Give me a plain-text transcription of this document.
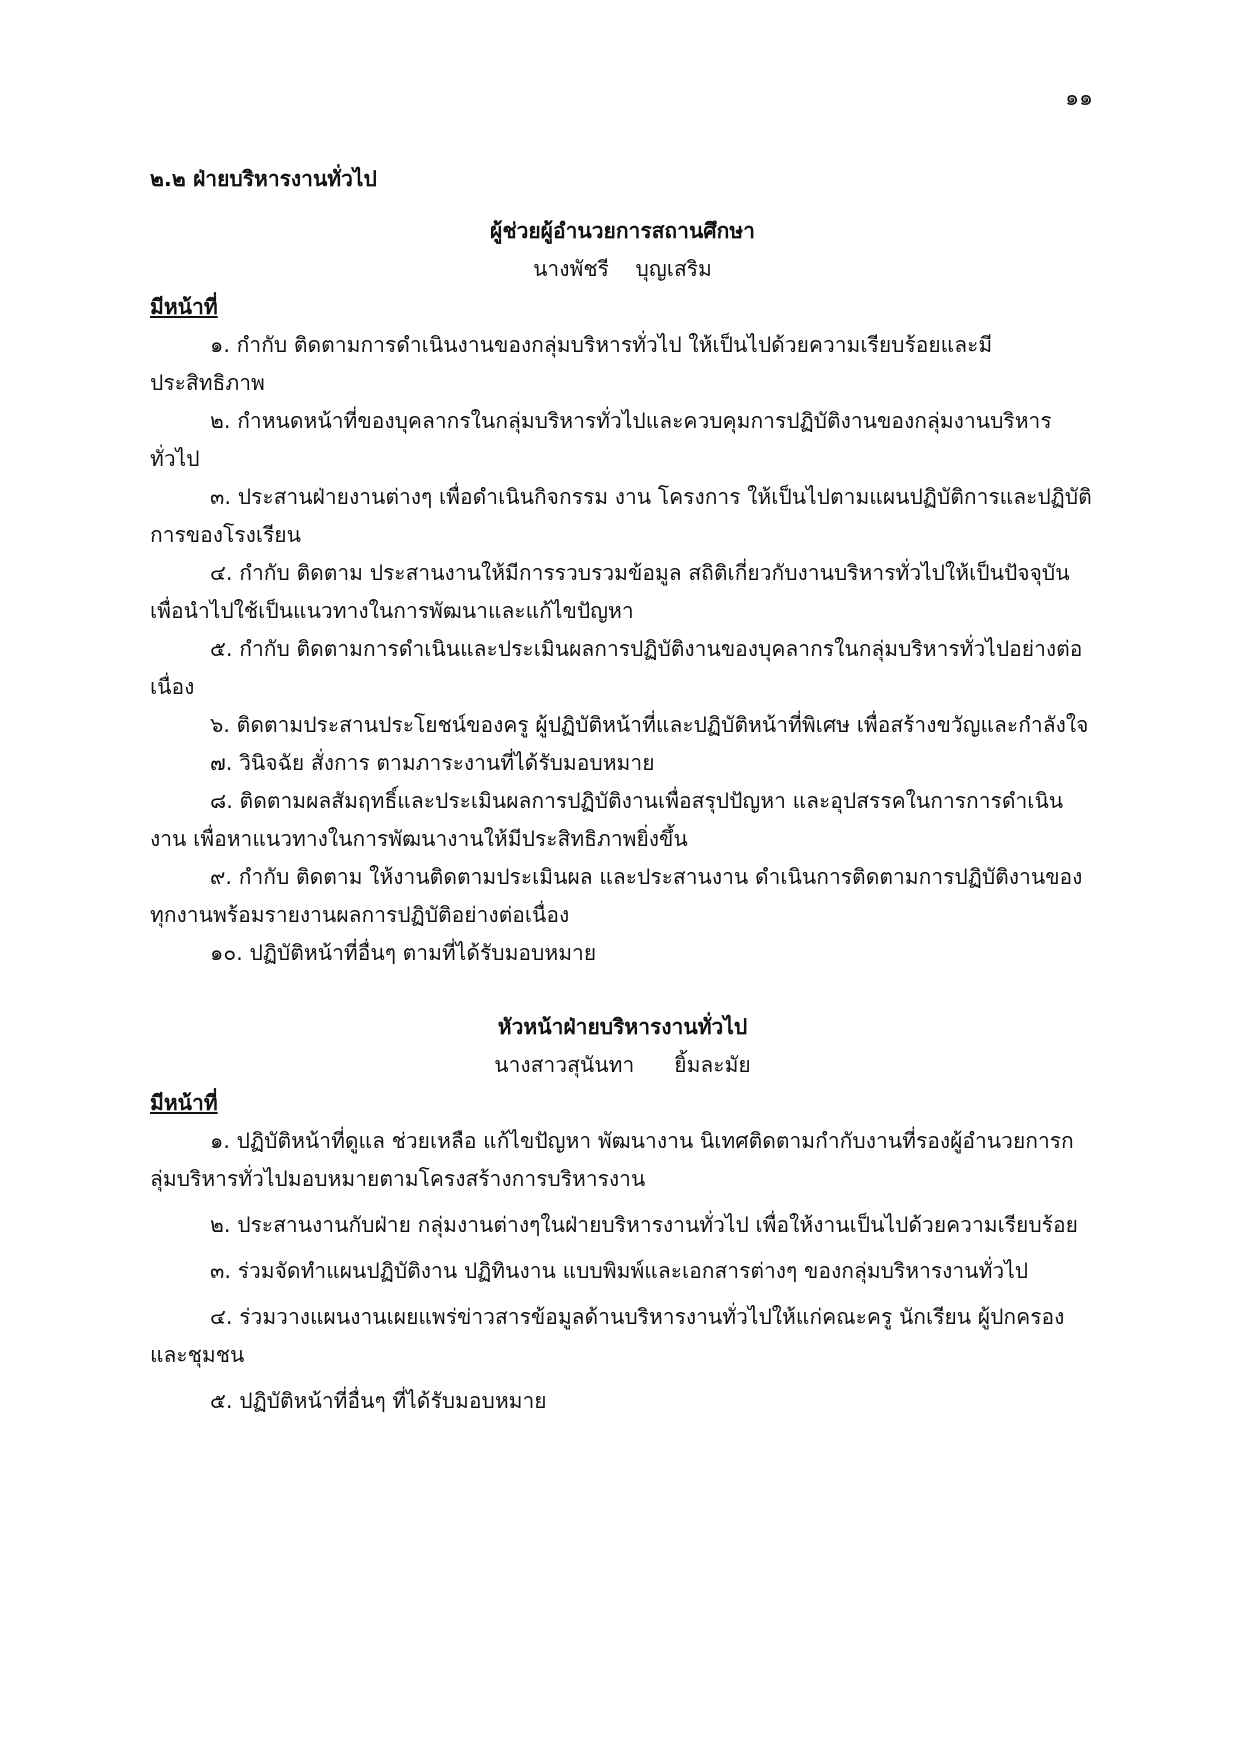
๑๑

๒.๒ ฝ่ายบริหารงานทั่วไป

ผู้ช่วยผู้อำนวยการสถานศึกษา

นางพัชรี    บุญเสริม

มีหน้าที่

๑. กำกับ ติดตามการดำเนินงานของกลุ่มบริหารทั่วไป ให้เป็นไปด้วยความเรียบร้อยและมีประสิทธิภาพ

๒. กำหนดหน้าที่ของบุคลากรในกลุ่มบริหารทั่วไปและควบคุมการปฏิบัติงานของกลุ่มงานบริหารทั่วไป

๓. ประสานฝ่ายงานต่างๆ เพื่อดำเนินกิจกรรม งาน โครงการ ให้เป็นไปตามแผนปฏิบัติการและปฏิบัติการของโรงเรียน

๔. กำกับ ติดตาม ประสานงานให้มีการรวบรวมข้อมูล สถิติเกี่ยวกับงานบริหารทั่วไปให้เป็นปัจจุบัน เพื่อนำไปใช้เป็นแนวทางในการพัฒนาและแก้ไขปัญหา

๕. กำกับ ติดตามการดำเนินและประเมินผลการปฏิบัติงานของบุคลากรในกลุ่มบริหารทั่วไปอย่างต่อเนื่อง

๖. ติดตามประสานประโยชน์ของครู ผู้ปฏิบัติหน้าที่และปฏิบัติหน้าที่พิเศษ เพื่อสร้างขวัญและกำลังใจ

๗. วินิจฉัย สั่งการ ตามภาระงานที่ได้รับมอบหมาย

๘. ติดตามผลสัมฤทธิ์และประเมินผลการปฏิบัติงานเพื่อสรุปปัญหา และอุปสรรคในการการดำเนินงาน เพื่อหาแนวทางในการพัฒนางานให้มีประสิทธิภาพยิ่งขึ้น

๙. กำกับ ติดตาม ให้งานติดตามประเมินผล และประสานงาน ดำเนินการติดตามการปฏิบัติงานของทุกงานพร้อมรายงานผลการปฏิบัติอย่างต่อเนื่อง

๑๐. ปฏิบัติหน้าที่อื่นๆ ตามที่ได้รับมอบหมาย

หัวหน้าฝ่ายบริหารงานทั่วไป

นางสาวสุนันทา      ยิ้มละมัย

มีหน้าที่

๑. ปฏิบัติหน้าที่ดูแล ช่วยเหลือ แก้ไขปัญหา พัฒนางาน นิเทศติดตามกำกับงานที่รองผู้อำนวยการกลุ่มบริหารทั่วไปมอบหมายตามโครงสร้างการบริหารงาน

๒. ประสานงานกับฝ่าย กลุ่มงานต่างๆในฝ่ายบริหารงานทั่วไป เพื่อให้งานเป็นไปด้วยความเรียบร้อย

๓. ร่วมจัดทำแผนปฏิบัติงาน ปฏิทินงาน แบบพิมพ์และเอกสารต่างๆ ของกลุ่มบริหารงานทั่วไป

๔. ร่วมวางแผนงานเผยแพร่ข่าวสารข้อมูลด้านบริหารงานทั่วไปให้แก่คณะครู นักเรียน ผู้ปกครองและชุมชน

๕. ปฏิบัติหน้าที่อื่นๆ ที่ได้รับมอบหมาย
